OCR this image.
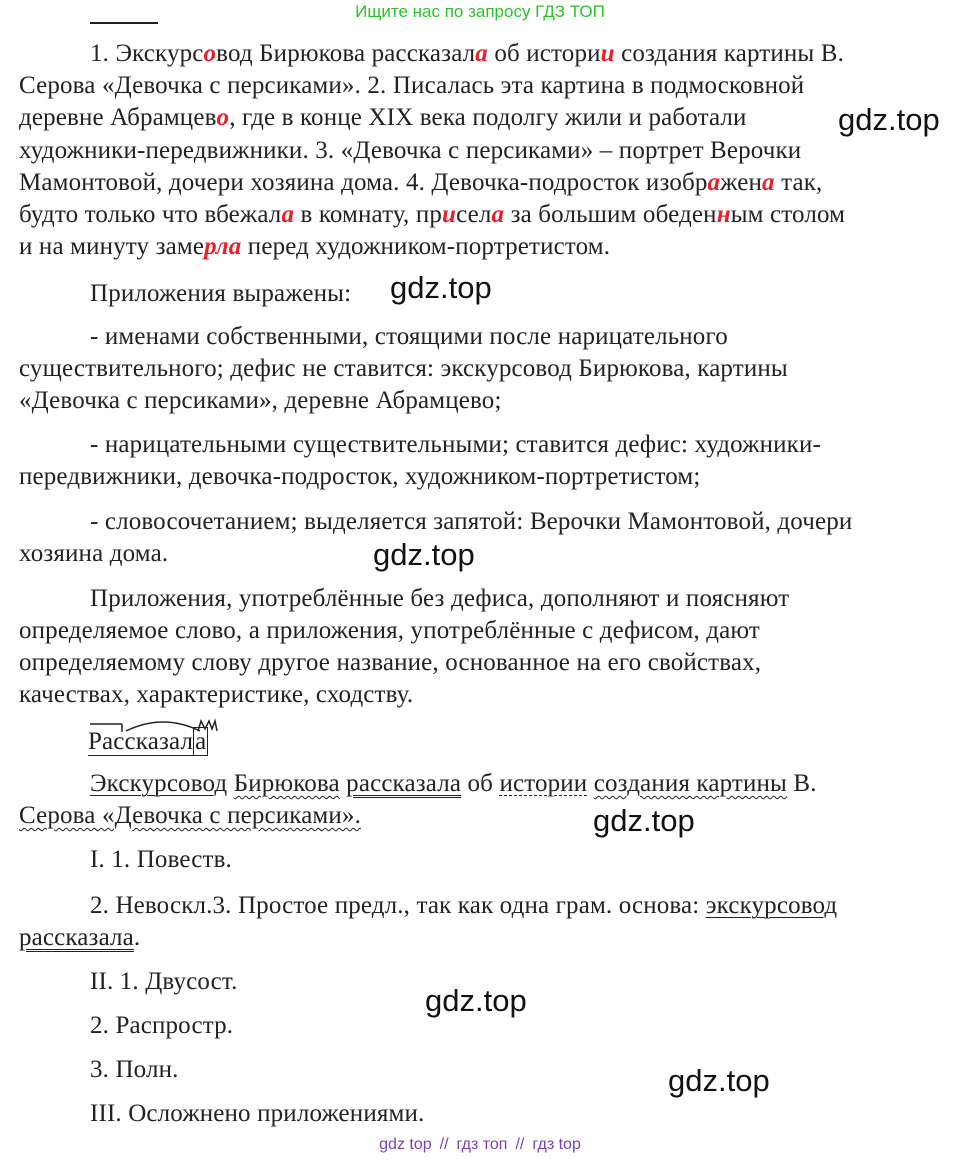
Ищите нас по запросу ГДЗ ТОП
1. Экскурсовод Бирюкова рассказала об истории создания картины В.
Серова «Девочка с персиками». 2. Писалась эта картина в подмосковной
деревне Абрамцево, где в конце XIX века подолгу жили и работали
художники-передвижники. 3. «Девочка с персиками» – портрет Верочки
Мамонтовой, дочери хозяина дома. 4. Девочка-подросток изображена так,
будто только что вбежала в комнату, присела за большим обеденным столом
и на минуту замерла перед художником-портретистом.
gdz.top
Приложения выражены: gdz.top
- именами собственными, стоящими после нарицательного
существительного; дефис не ставится: экскурсовод Бирюкова, картины
«Девочка с персиками», деревне Абрамцево;
- нарицательными существительными; ставится дефис: художники-
передвижники, девочка-подросток, художником-портретистом;
- словосочетанием; выделяется запятой: Верочки Мамонтовой, дочери
хозяина дома.	gdz.top
Приложения, употреблённые без дефиса, дополняют и поясняют
определяемое слово, а приложения, употреблённые с дефисом, дают
определяемому слову другое название, основанное на его свойствах,
качествах, характеристике, сходству.
Рассказала
Экскурсовод Бирюкова рассказала об истории создания картины В.
Серова «Девочка с персиками».	gdz.top
I. 1. Повеств.
2. Невоскл.3. Простое предл., так как одна грам. основа: экскурсовод
рассказала.
II. 1. Двусост.
gdz.top
2. Распростр.
3. Полн.	gdz.top
III. Осложнено приложениями.
gdz top // гдз топ // гдз top
